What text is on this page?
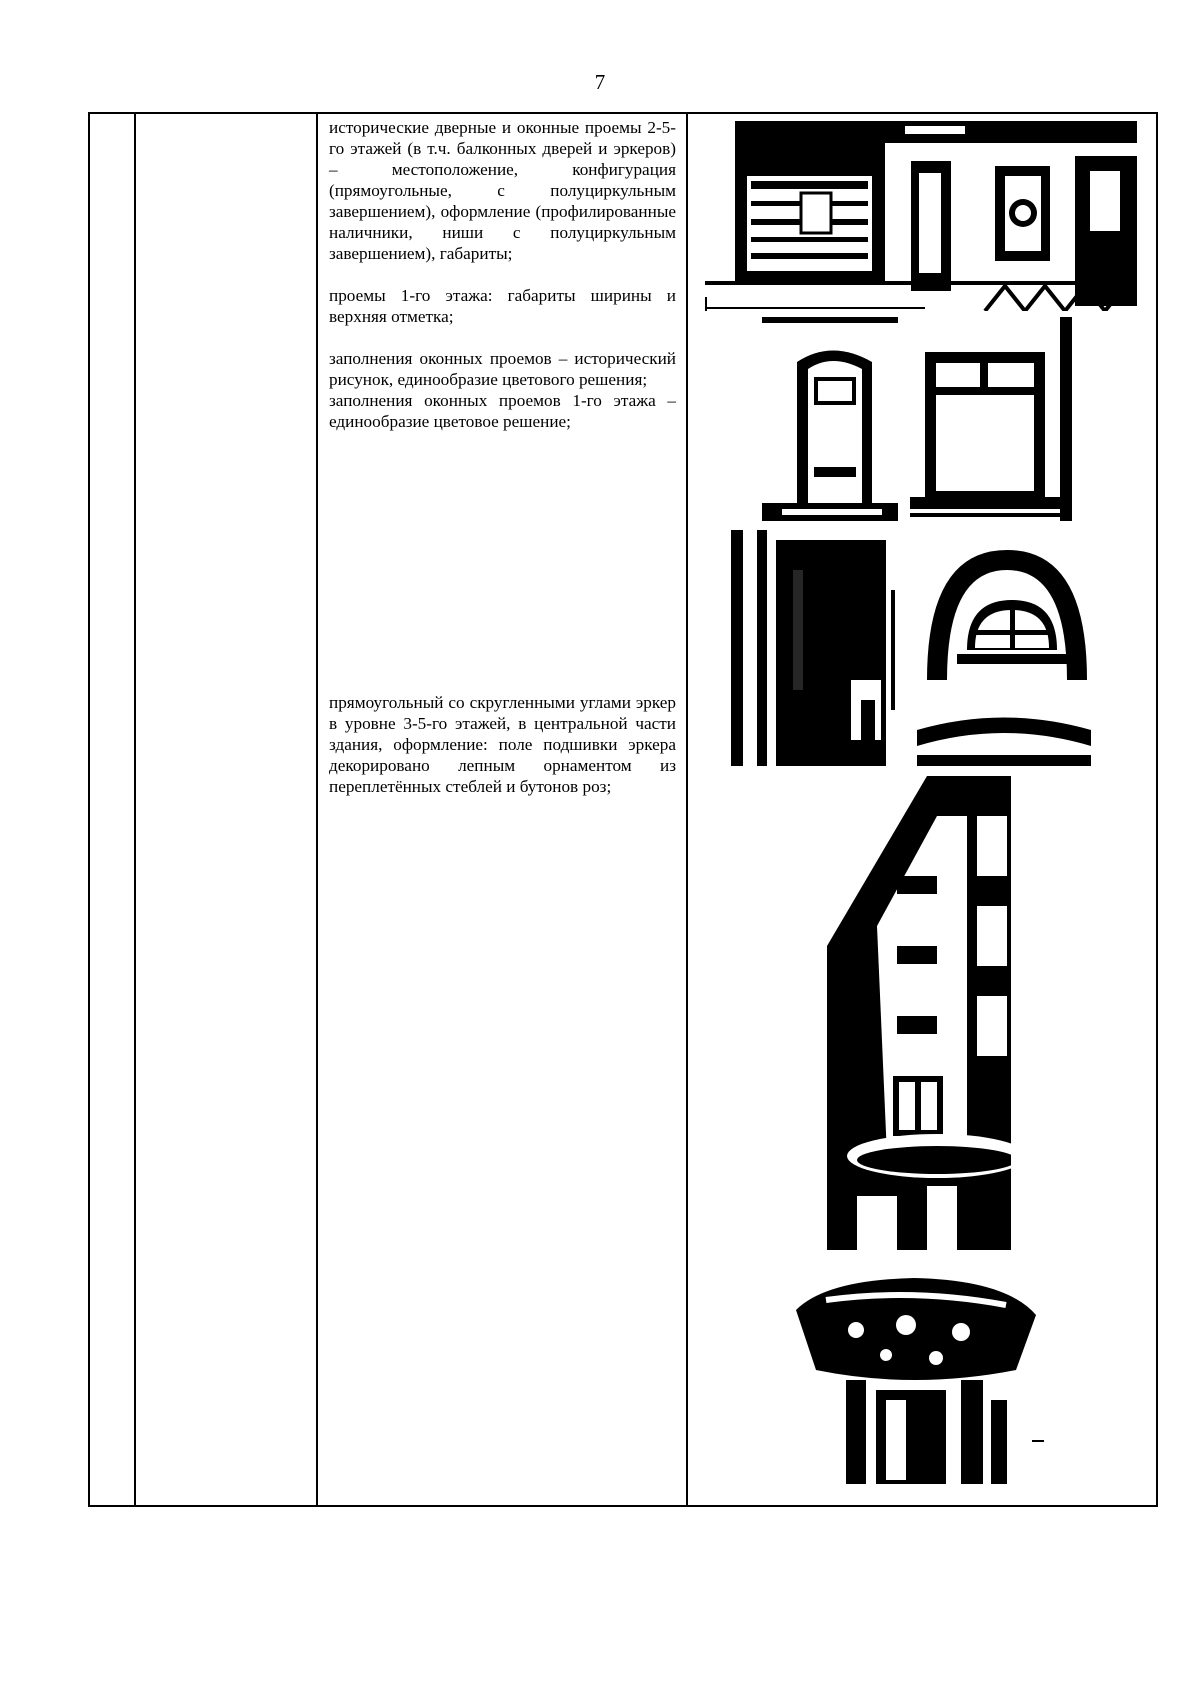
7

исторические дверные и оконные проемы 2-5-го этажей (в т.ч. балконных дверей и эркеров) – местоположение, конфигурация (прямоугольные, с полуциркульным завершением), оформление (профилированные наличники, ниши с полуциркульным завершением), габариты;

проемы 1-го этажа: габариты ширины и верхняя отметка;

заполнения оконных проемов – исторический рисунок, единообразие цветового решения;

заполнения оконных проемов 1-го этажа – единообразие цветовое решение;

прямоугольный со скругленными углами эркер в уровне 3-5-го этажей, в центральной части здания, оформление: поле подшивки эркера декорировано лепным орнаментом из переплетённых стеблей и бутонов роз;
